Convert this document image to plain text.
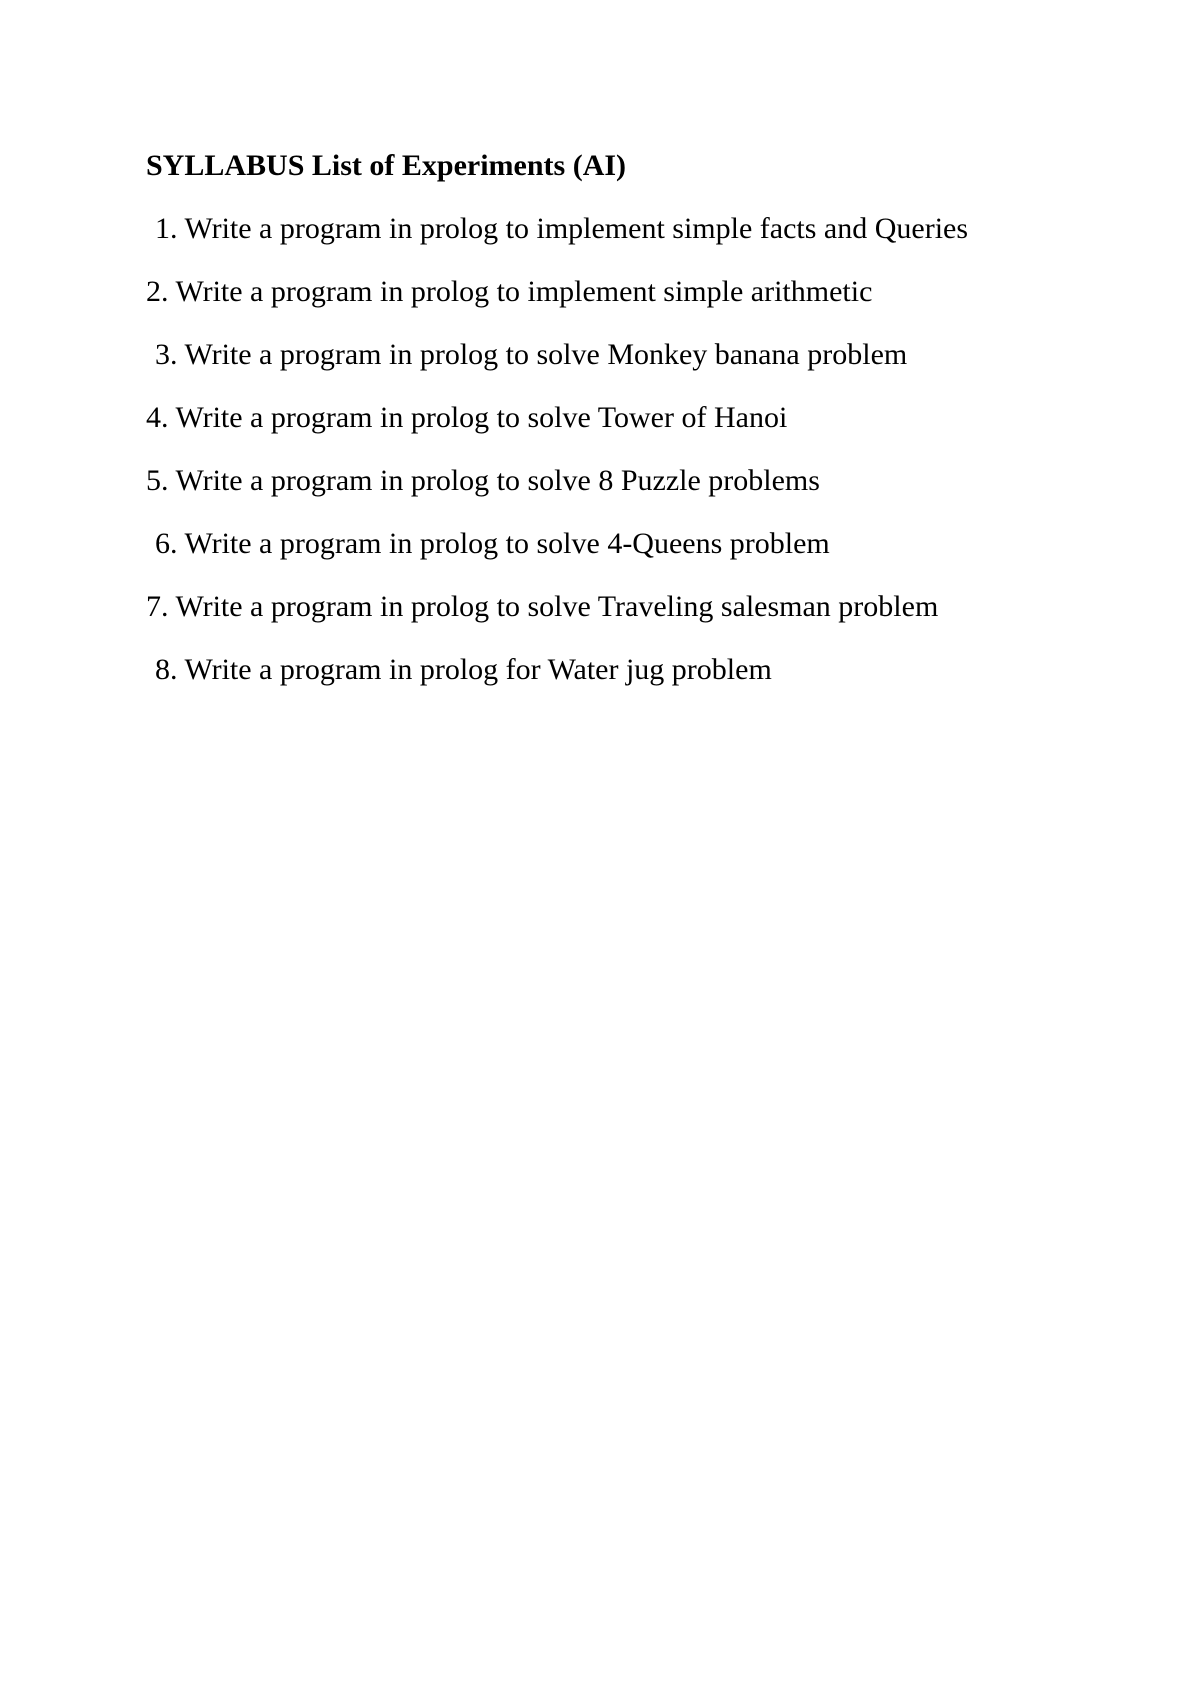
SYLLABUS List of Experiments (AI)
1. Write a program in prolog to implement simple facts and Queries
2. Write a program in prolog to implement simple arithmetic
3. Write a program in prolog to solve Monkey banana problem
4. Write a program in prolog to solve Tower of Hanoi
5. Write a program in prolog to solve 8 Puzzle problems
6. Write a program in prolog to solve 4-Queens problem
7. Write a program in prolog to solve Traveling salesman problem
8. Write a program in prolog for Water jug problem
